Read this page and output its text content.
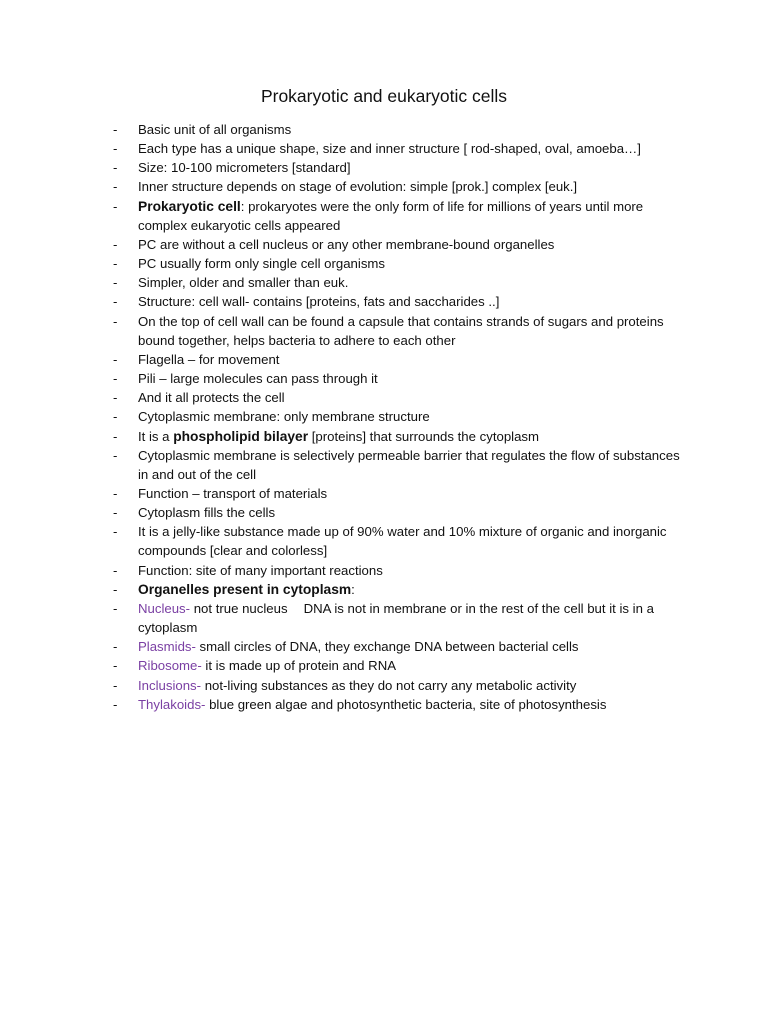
Prokaryotic and eukaryotic cells
- Basic unit of all organisms
- Each type has a unique shape, size and inner structure [ rod-shaped, oval, amoeba…]
- Size: 10-100 micrometers [standard]
- Inner structure depends on stage of evolution: simple [prok.] complex [euk.]
- Prokaryotic cell: prokaryotes were the only form of life for millions of years until more complex eukaryotic cells appeared
- PC are without a cell nucleus or any other membrane-bound organelles
- PC usually form only single cell organisms
- Simpler, older and smaller than euk.
- Structure: cell wall- contains [proteins, fats and saccharides ..]
- On the top of cell wall can be found a capsule that contains strands of sugars and proteins bound together, helps bacteria to adhere to each other
- Flagella – for movement
- Pili – large molecules can pass through it
- And it all protects the cell
- Cytoplasmic membrane: only membrane structure
- It is a phospholipid bilayer [proteins] that surrounds the cytoplasm
- Cytoplasmic membrane is selectively permeable barrier that regulates the flow of substances in and out of the cell
- Function – transport of materials
- Cytoplasm fills the cells
- It is a jelly-like substance made up of 90% water and 10% mixture of organic and inorganic compounds [clear and colorless]
- Function: site of many important reactions
- Organelles present in cytoplasm:
- Nucleus- not true nucleus DNA is not in membrane or in the rest of the cell but it is in a cytoplasm
- Plasmids- small circles of DNA, they exchange DNA between bacterial cells
- Ribosome- it is made up of protein and RNA
- Inclusions- not-living substances as they do not carry any metabolic activity
- Thylakoids- blue green algae and photosynthetic bacteria, site of photosynthesis
